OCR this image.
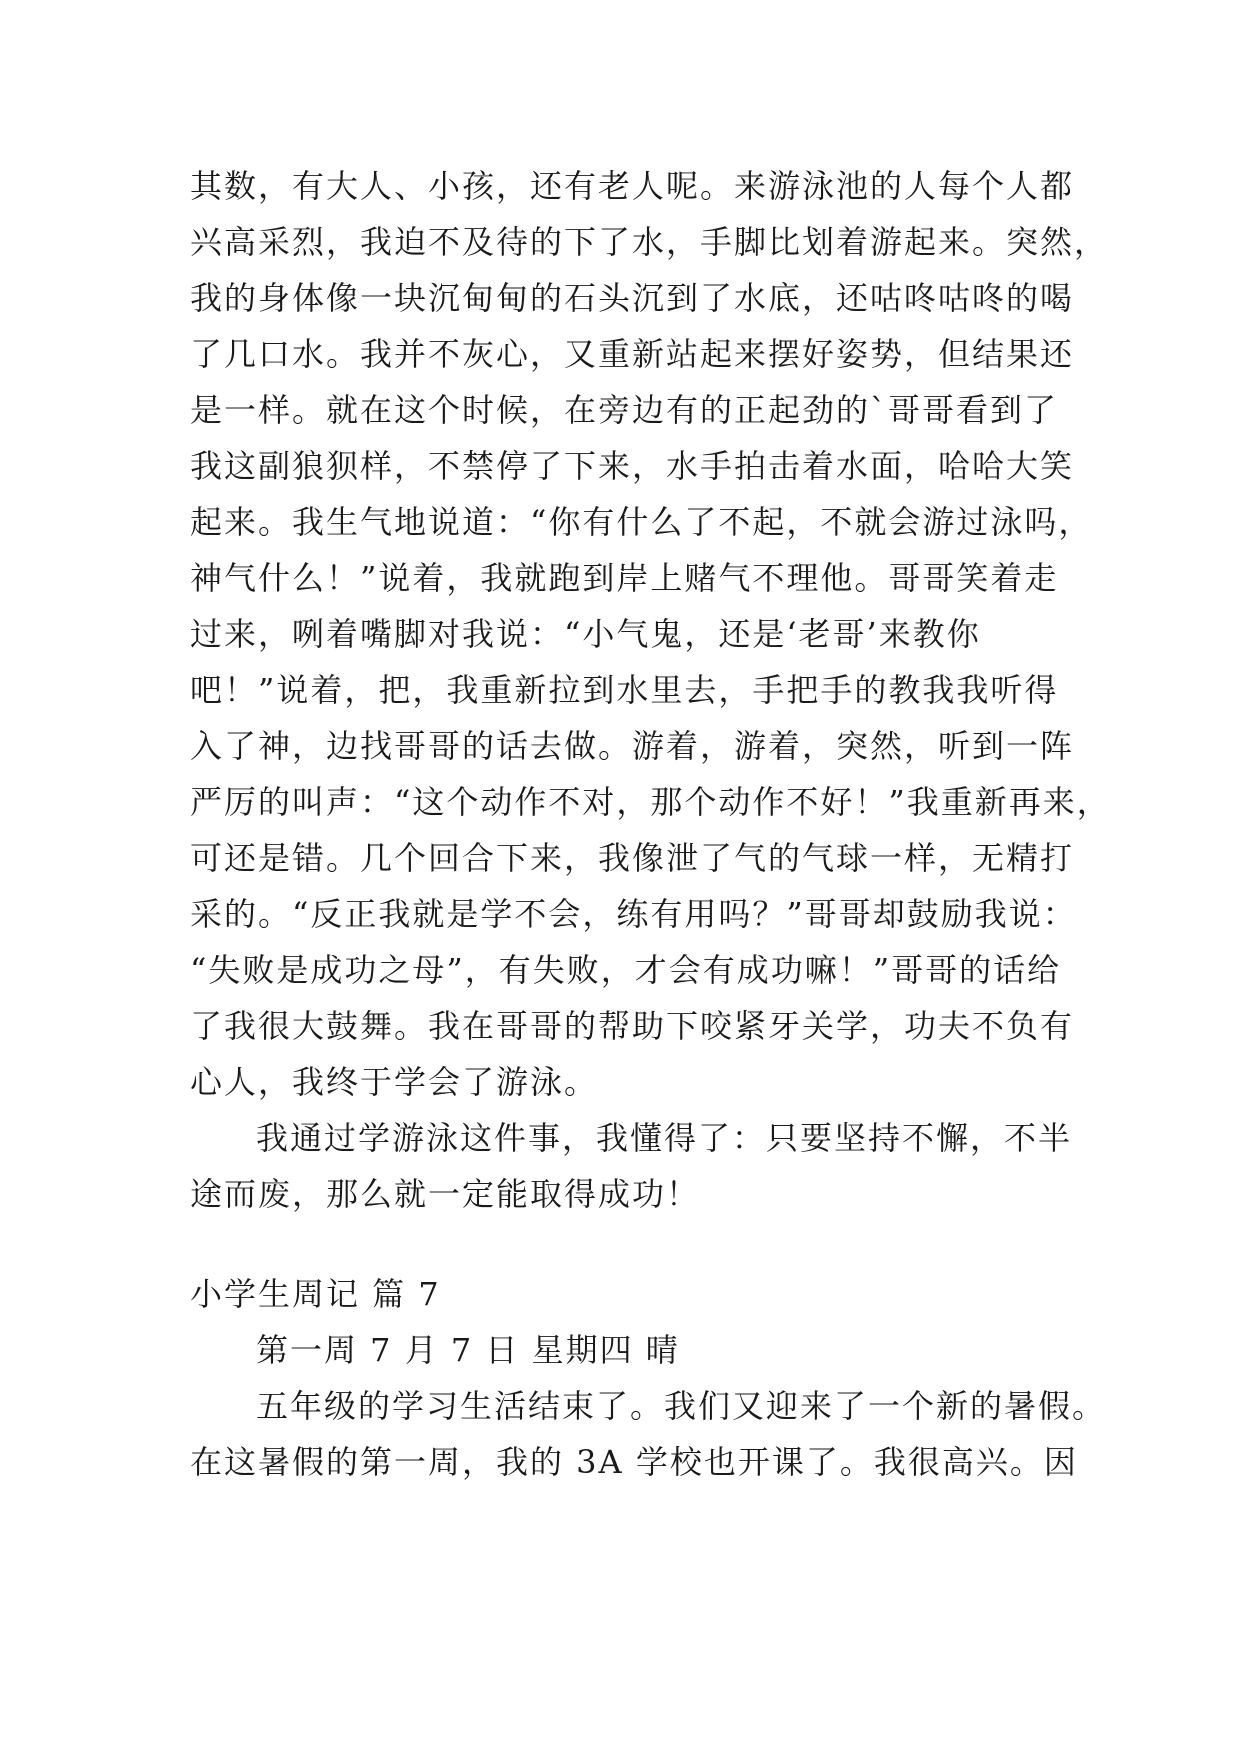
其数，有大人、小孩，还有老人呢。来游泳池的人每个人都
兴高采烈，我迫不及待的下了水，手脚比划着游起来。突然，
我的身体像一块沉甸甸的石头沉到了水底，还咕咚咕咚的喝
了几口水。我并不灰心，又重新站起来摆好姿势，但结果还
是一样。就在这个时候，在旁边有的正起劲的`哥哥看到了
我这副狼狈样，不禁停了下来，水手拍击着水面，哈哈大笑
起来。我生气地说道：“你有什么了不起，不就会游过泳吗，
神气什么！”说着，我就跑到岸上赌气不理他。哥哥笑着走
过来，咧着嘴脚对我说：“小气鬼，还是‘老哥’来教你
吧！”说着，把，我重新拉到水里去，手把手的教我我听得
入了神，边找哥哥的话去做。游着，游着，突然，听到一阵
严厉的叫声：“这个动作不对，那个动作不好！”我重新再来，
可还是错。几个回合下来，我像泄了气的气球一样，无精打
采的。“反正我就是学不会，练有用吗？”哥哥却鼓励我说：
“失败是成功之母”，有失败，才会有成功嘛！”哥哥的话给
了我很大鼓舞。我在哥哥的帮助下咬紧牙关学，功夫不负有
心人，我终于学会了游泳。
我通过学游泳这件事，我懂得了：只要坚持不懈，不半
途而废，那么就一定能取得成功！
小学生周记 篇 7
第一周 7 月 7 日 星期四 晴
五年级的学习生活结束了。我们又迎来了一个新的暑假。
在这暑假的第一周，我的 3A 学校也开课了。我很高兴。因
